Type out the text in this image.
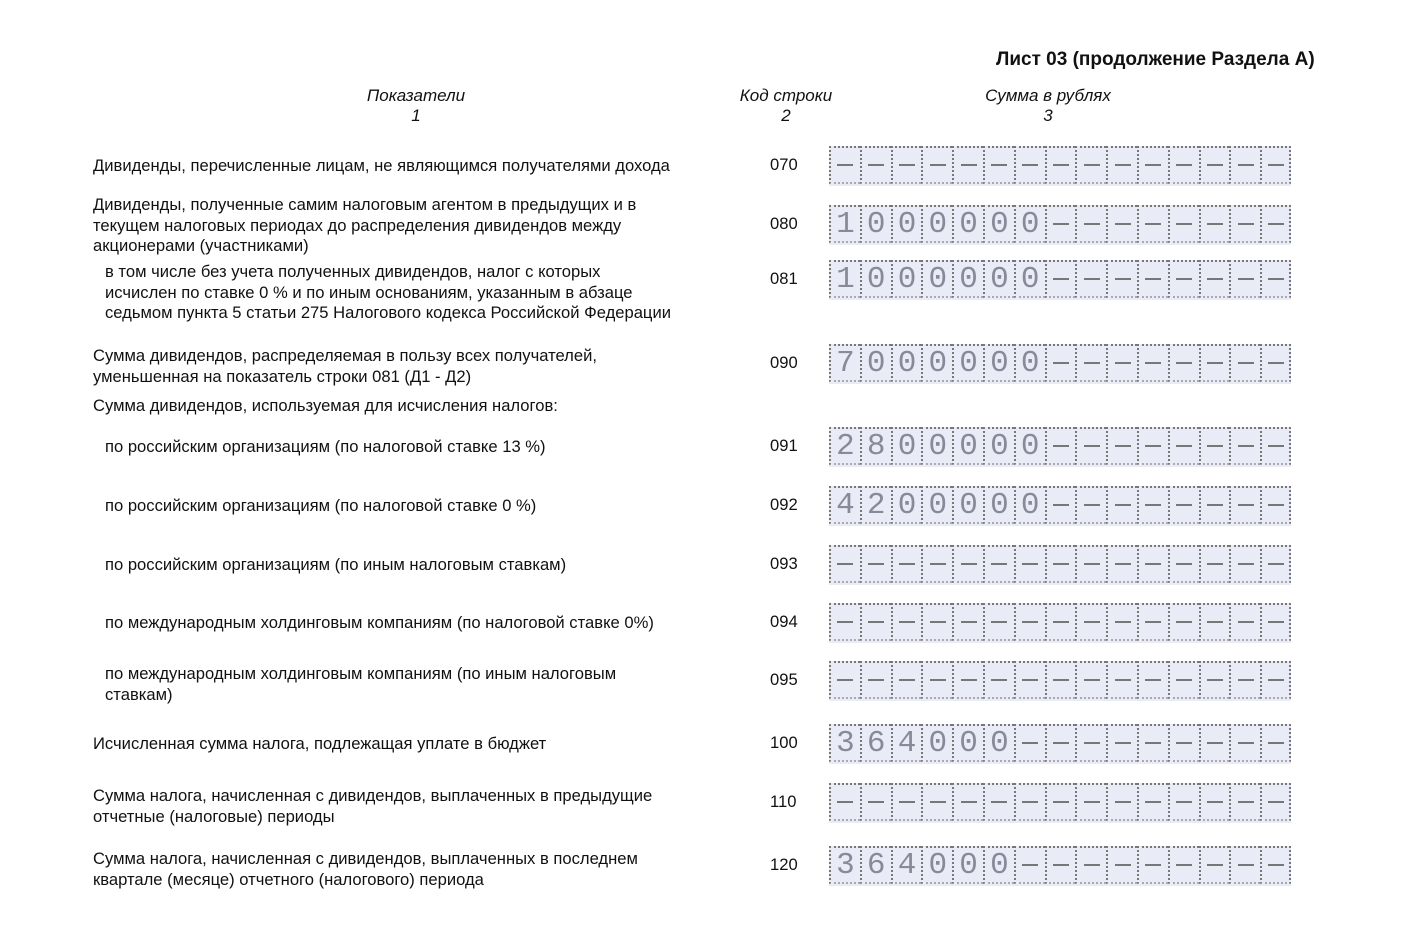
Лист 03 (продолжение Раздела А)
Показатели
1
Код строки
2
Сумма в рублях
3
Сумма дивидендов, используемая для исчисления налогов:
Дивиденды, перечисленные лицам, не являющимся получателями дохода	070
Дивиденды, полученные самим налоговым агентом в предыдущих и в
текущем налоговых периодах до распределения дивидендов между
акционерами (участниками)
080 1 0 0 0 0 0 0
в том числе без учета полученных дивидендов, налог с которых
исчислен по ставке 0 % и по иным основаниям, указанным в абзаце
седьмом пункта 5 статьи 275 Налогового кодекса Российской Федерации
081 1 0 0 0 0 0 0
Сумма дивидендов, распределяемая в пользу всех получателей,
уменьшенная на показатель строки 081 (Д1 - Д2)
090 7 0 0 0 0 0 0
по российским организациям (по налоговой ставке 13 %)	091 2 8 0 0 0 0 0
по российским организациям (по налоговой ставке 0 %)	092 4 2 0 0 0 0 0
по российским организациям (по иным налоговым ставкам)	093
по международным холдинговым компаниям (по налоговой ставке 0%)	094
по международным холдинговым компаниям (по иным налоговым
ставкам)
095
Исчисленная сумма налога, подлежащая уплате в бюджет	100 3 6 4 0 0 0
Сумма налога, начисленная с дивидендов, выплаченных в предыдущие
отчетные (налоговые) периоды
110
Сумма налога, начисленная с дивидендов, выплаченных в последнем
квартале (месяце) отчетного (налогового) периода
120 3 6 4 0 0 0
